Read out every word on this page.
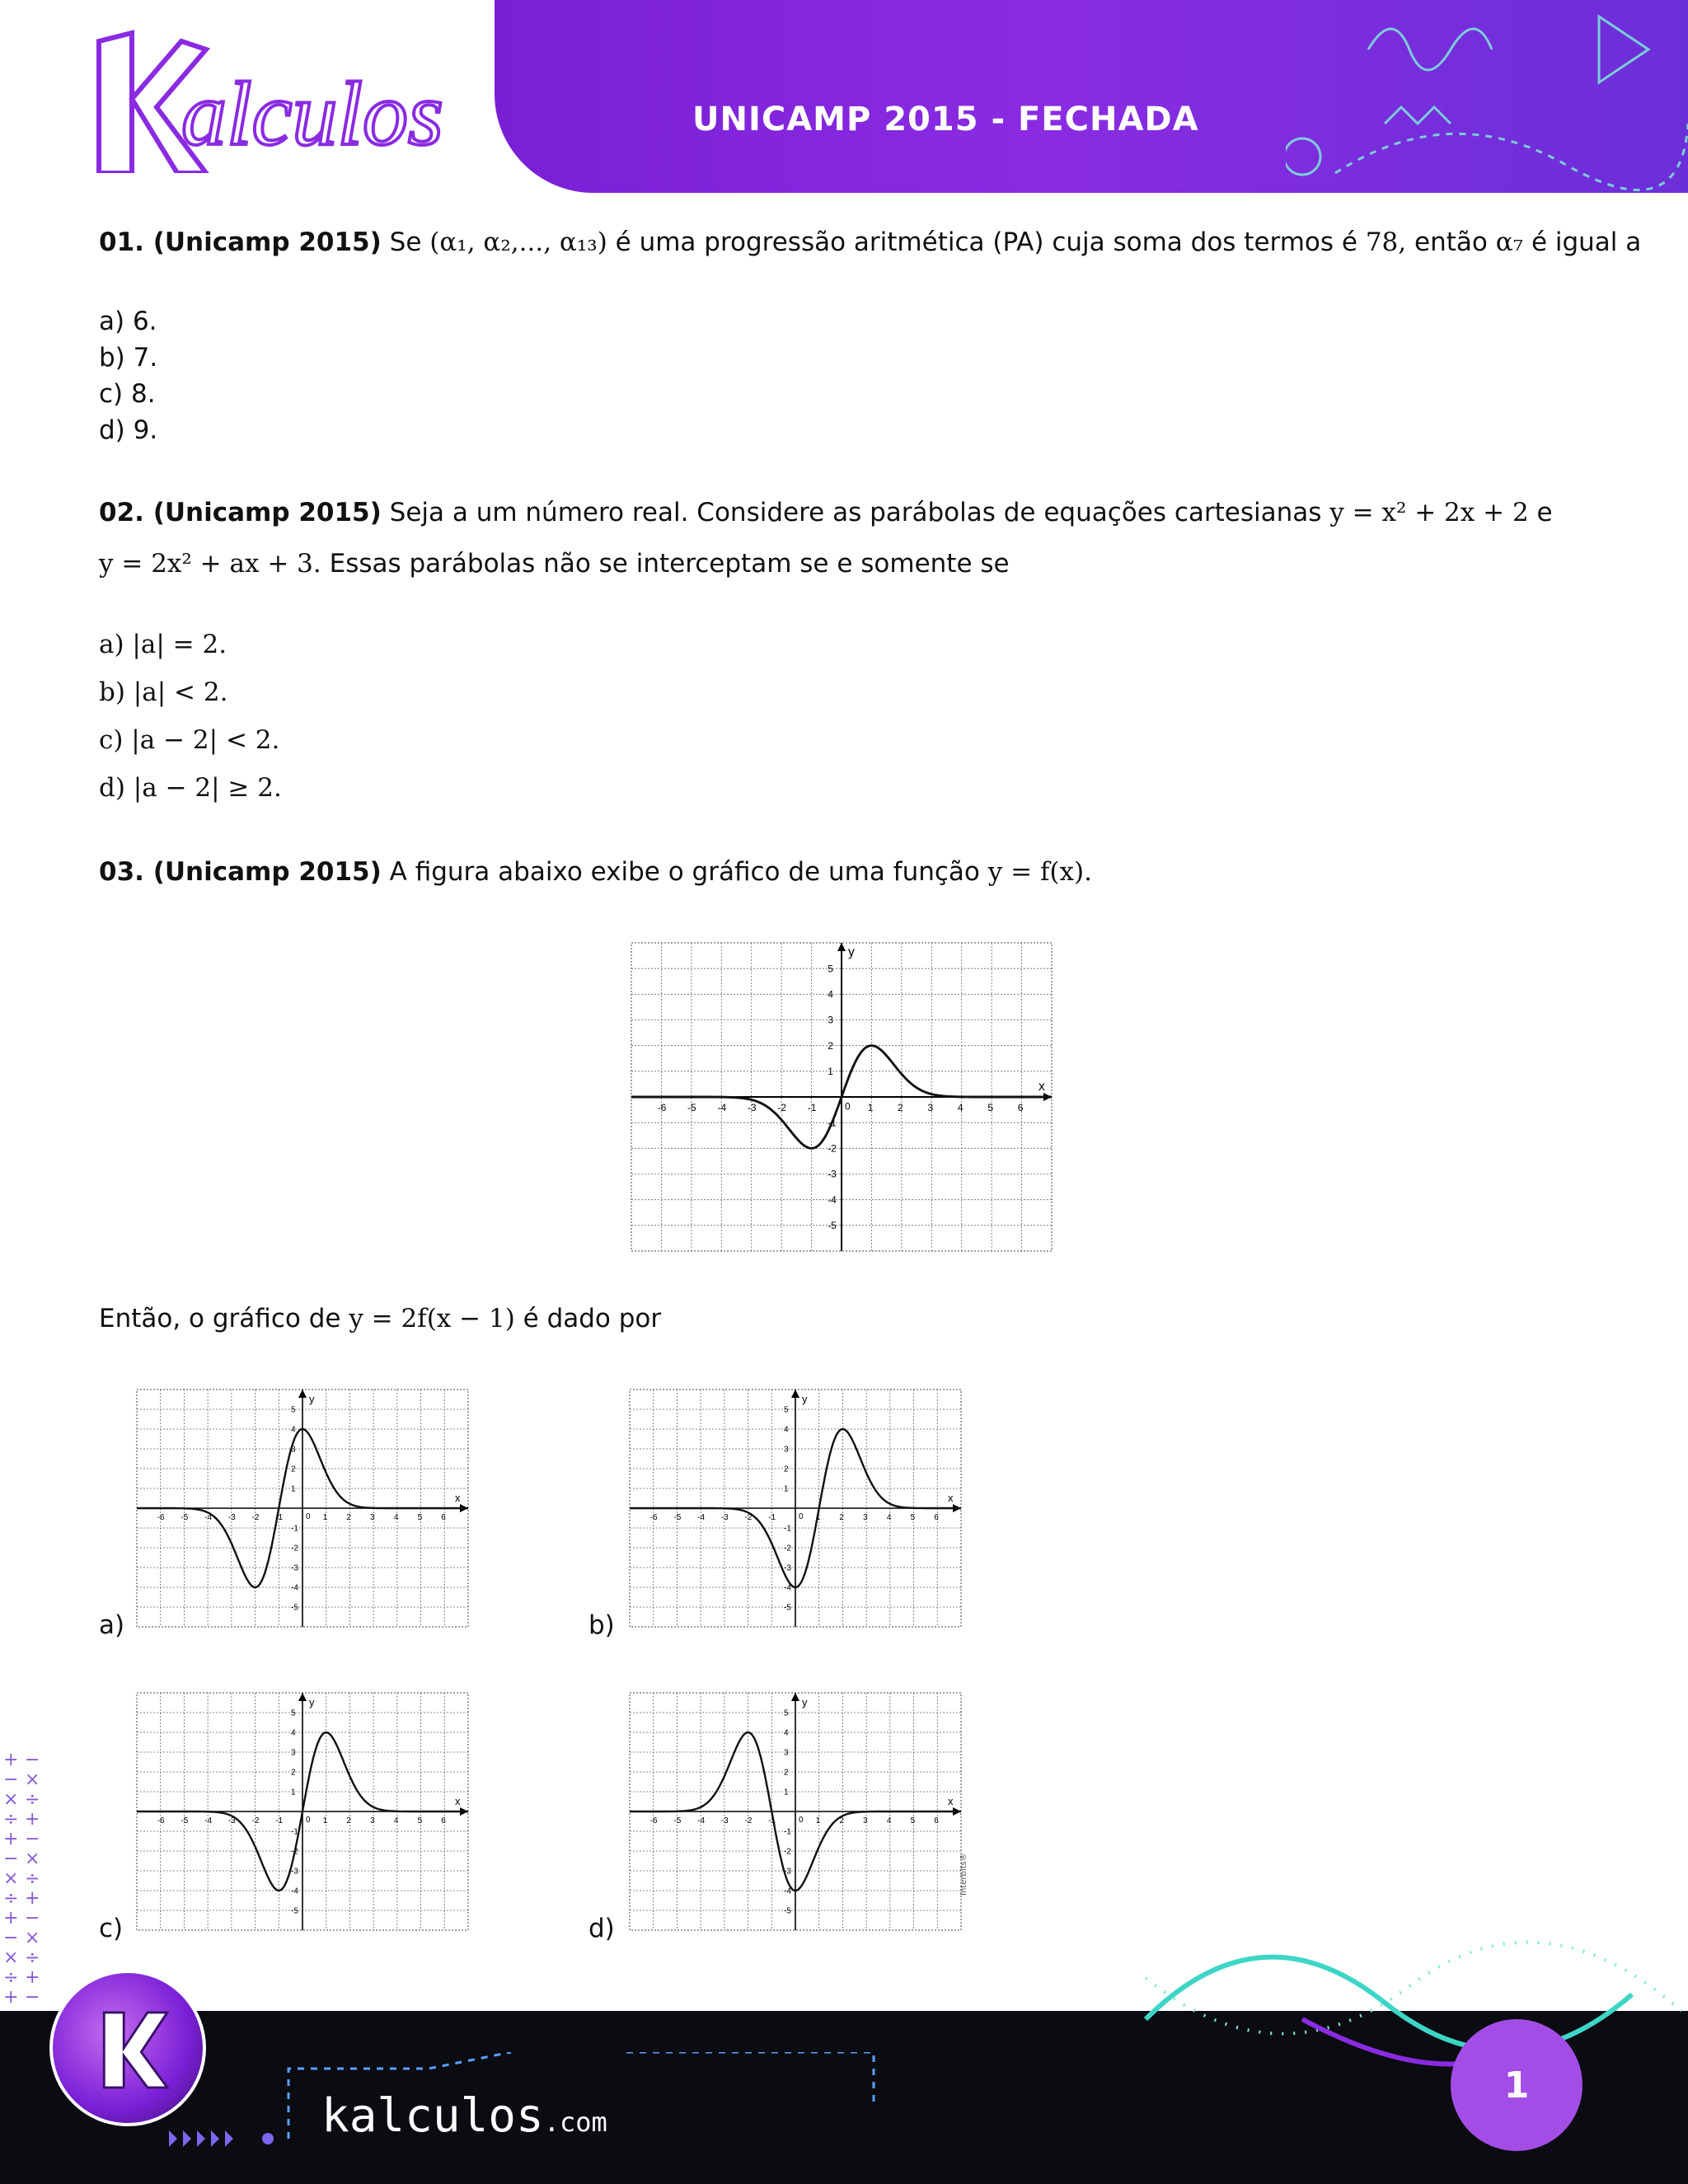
alculos	UNICAMP 2015 - FECHADA
01. (Unicamp 2015) Se (α₁, α₂,..., α₁₃) é uma progressão aritmética (PA) cuja soma dos termos é 78, então α₇ é igual a
a) 6.
b) 7.
c) 8.
d) 9.
02. (Unicamp 2015) Seja a um número real. Considere as parábolas de equações cartesianas y = x² + 2x + 2 e
y = 2x² + ax + 3. Essas parábolas não se interceptam se e somente se
a) |a| = 2.
b) |a| < 2.
c) |a − 2| < 2.
d) |a − 2| ≥ 2.
03. (Unicamp 2015) A figura abaixo exibe o gráfico de uma função y = f(x).
x
y
-6 -5 -4 -3 -2 -1	1 2 3 4 5 6
-5
-4
-3
-2
-1
1
2
3
4
5
0
Então, o gráfico de y = 2f(x − 1) é dado por
x
y
-6 -5 -4 -3 -2 -1	1 2 3 4 5 6
-5
-4
-3
-2
-1
1
2
3
4
5
0
x
y
-6 -5 -4 -3 -2 -1	1 2 3 4 5 6
-5
-4
-3
-2
-1
1
2
3
4
5
0
x
y
-6 -5 -4 -3 -2 -1	1 2 3 4 5 6
-5
-4
-3
-2
-1
1
2
3
4
5
0
x
y
-6 -5 -4 -3 -2 -1	1 2 3 4 5 6
-5
-4
-3
-2
-1
1
2
3
4
5
0
a)	b)
c)	d)
Interbits®
+ −
− ×
× ÷
÷ +
+ −
− ×
× ÷
÷ +
+ −
− ×
× ÷
÷ +
+ −
kalculos.com
1
